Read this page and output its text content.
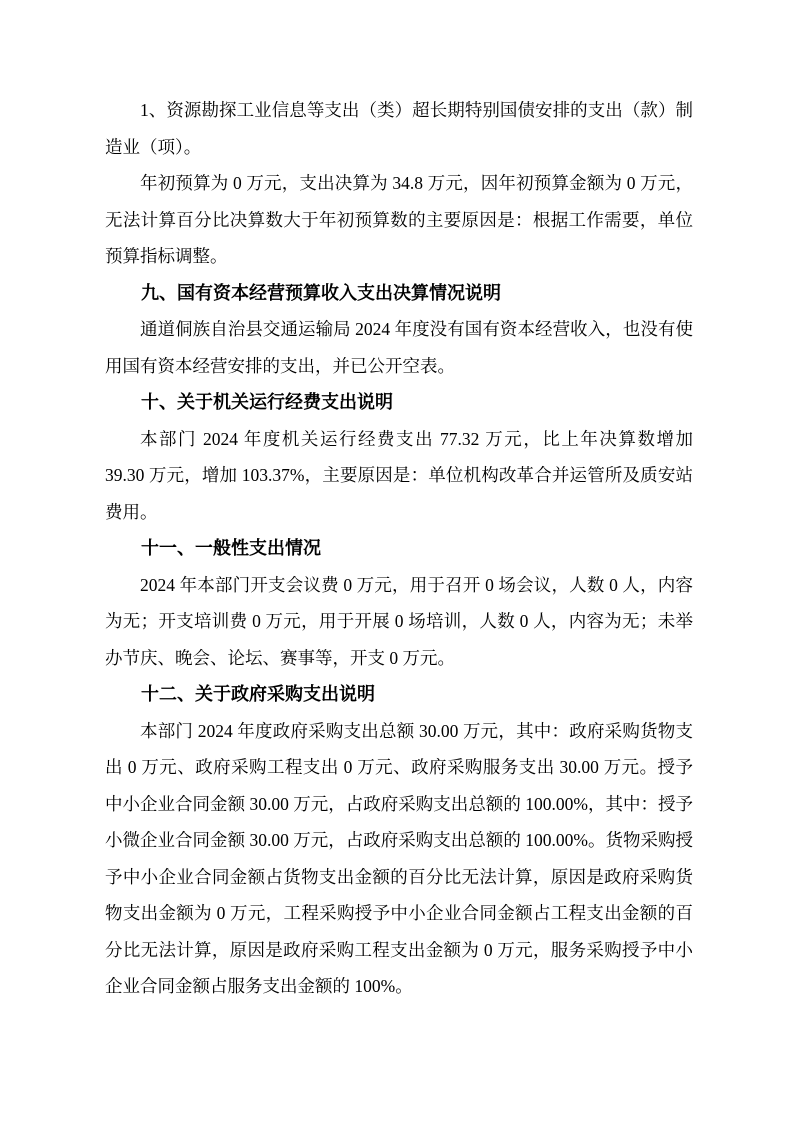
1、资源勘探工业信息等支出（类）超长期特别国债安排的支出（款）制造业（项）。

年初预算为 0 万元，支出决算为 34.8 万元，因年初预算金额为 0 万元，无法计算百分比决算数大于年初预算数的主要原因是：根据工作需要，单位预算指标调整。

九、国有资本经营预算收入支出决算情况说明

通道侗族自治县交通运输局 2024 年度没有国有资本经营收入，也没有使用国有资本经营安排的支出，并已公开空表。

十、关于机关运行经费支出说明

本部门 2024 年度机关运行经费支出 77.32 万元，比上年决算数增加 39.30 万元，增加 103.37%，主要原因是：单位机构改革合并运管所及质安站费用。

十一、一般性支出情况

2024 年本部门开支会议费 0 万元，用于召开 0 场会议，人数 0 人，内容为无；开支培训费 0 万元，用于开展 0 场培训，人数 0 人，内容为无；未举办节庆、晚会、论坛、赛事等，开支 0 万元。

十二、关于政府采购支出说明

本部门 2024 年度政府采购支出总额 30.00 万元，其中：政府采购货物支出 0 万元、政府采购工程支出 0 万元、政府采购服务支出 30.00 万元。授予中小企业合同金额 30.00 万元，占政府采购支出总额的 100.00%，其中：授予小微企业合同金额 30.00 万元，占政府采购支出总额的 100.00%。货物采购授予中小企业合同金额占货物支出金额的百分比无法计算，原因是政府采购货物支出金额为 0 万元，工程采购授予中小企业合同金额占工程支出金额的百分比无法计算，原因是政府采购工程支出金额为 0 万元，服务采购授予中小企业合同金额占服务支出金额的 100%。
